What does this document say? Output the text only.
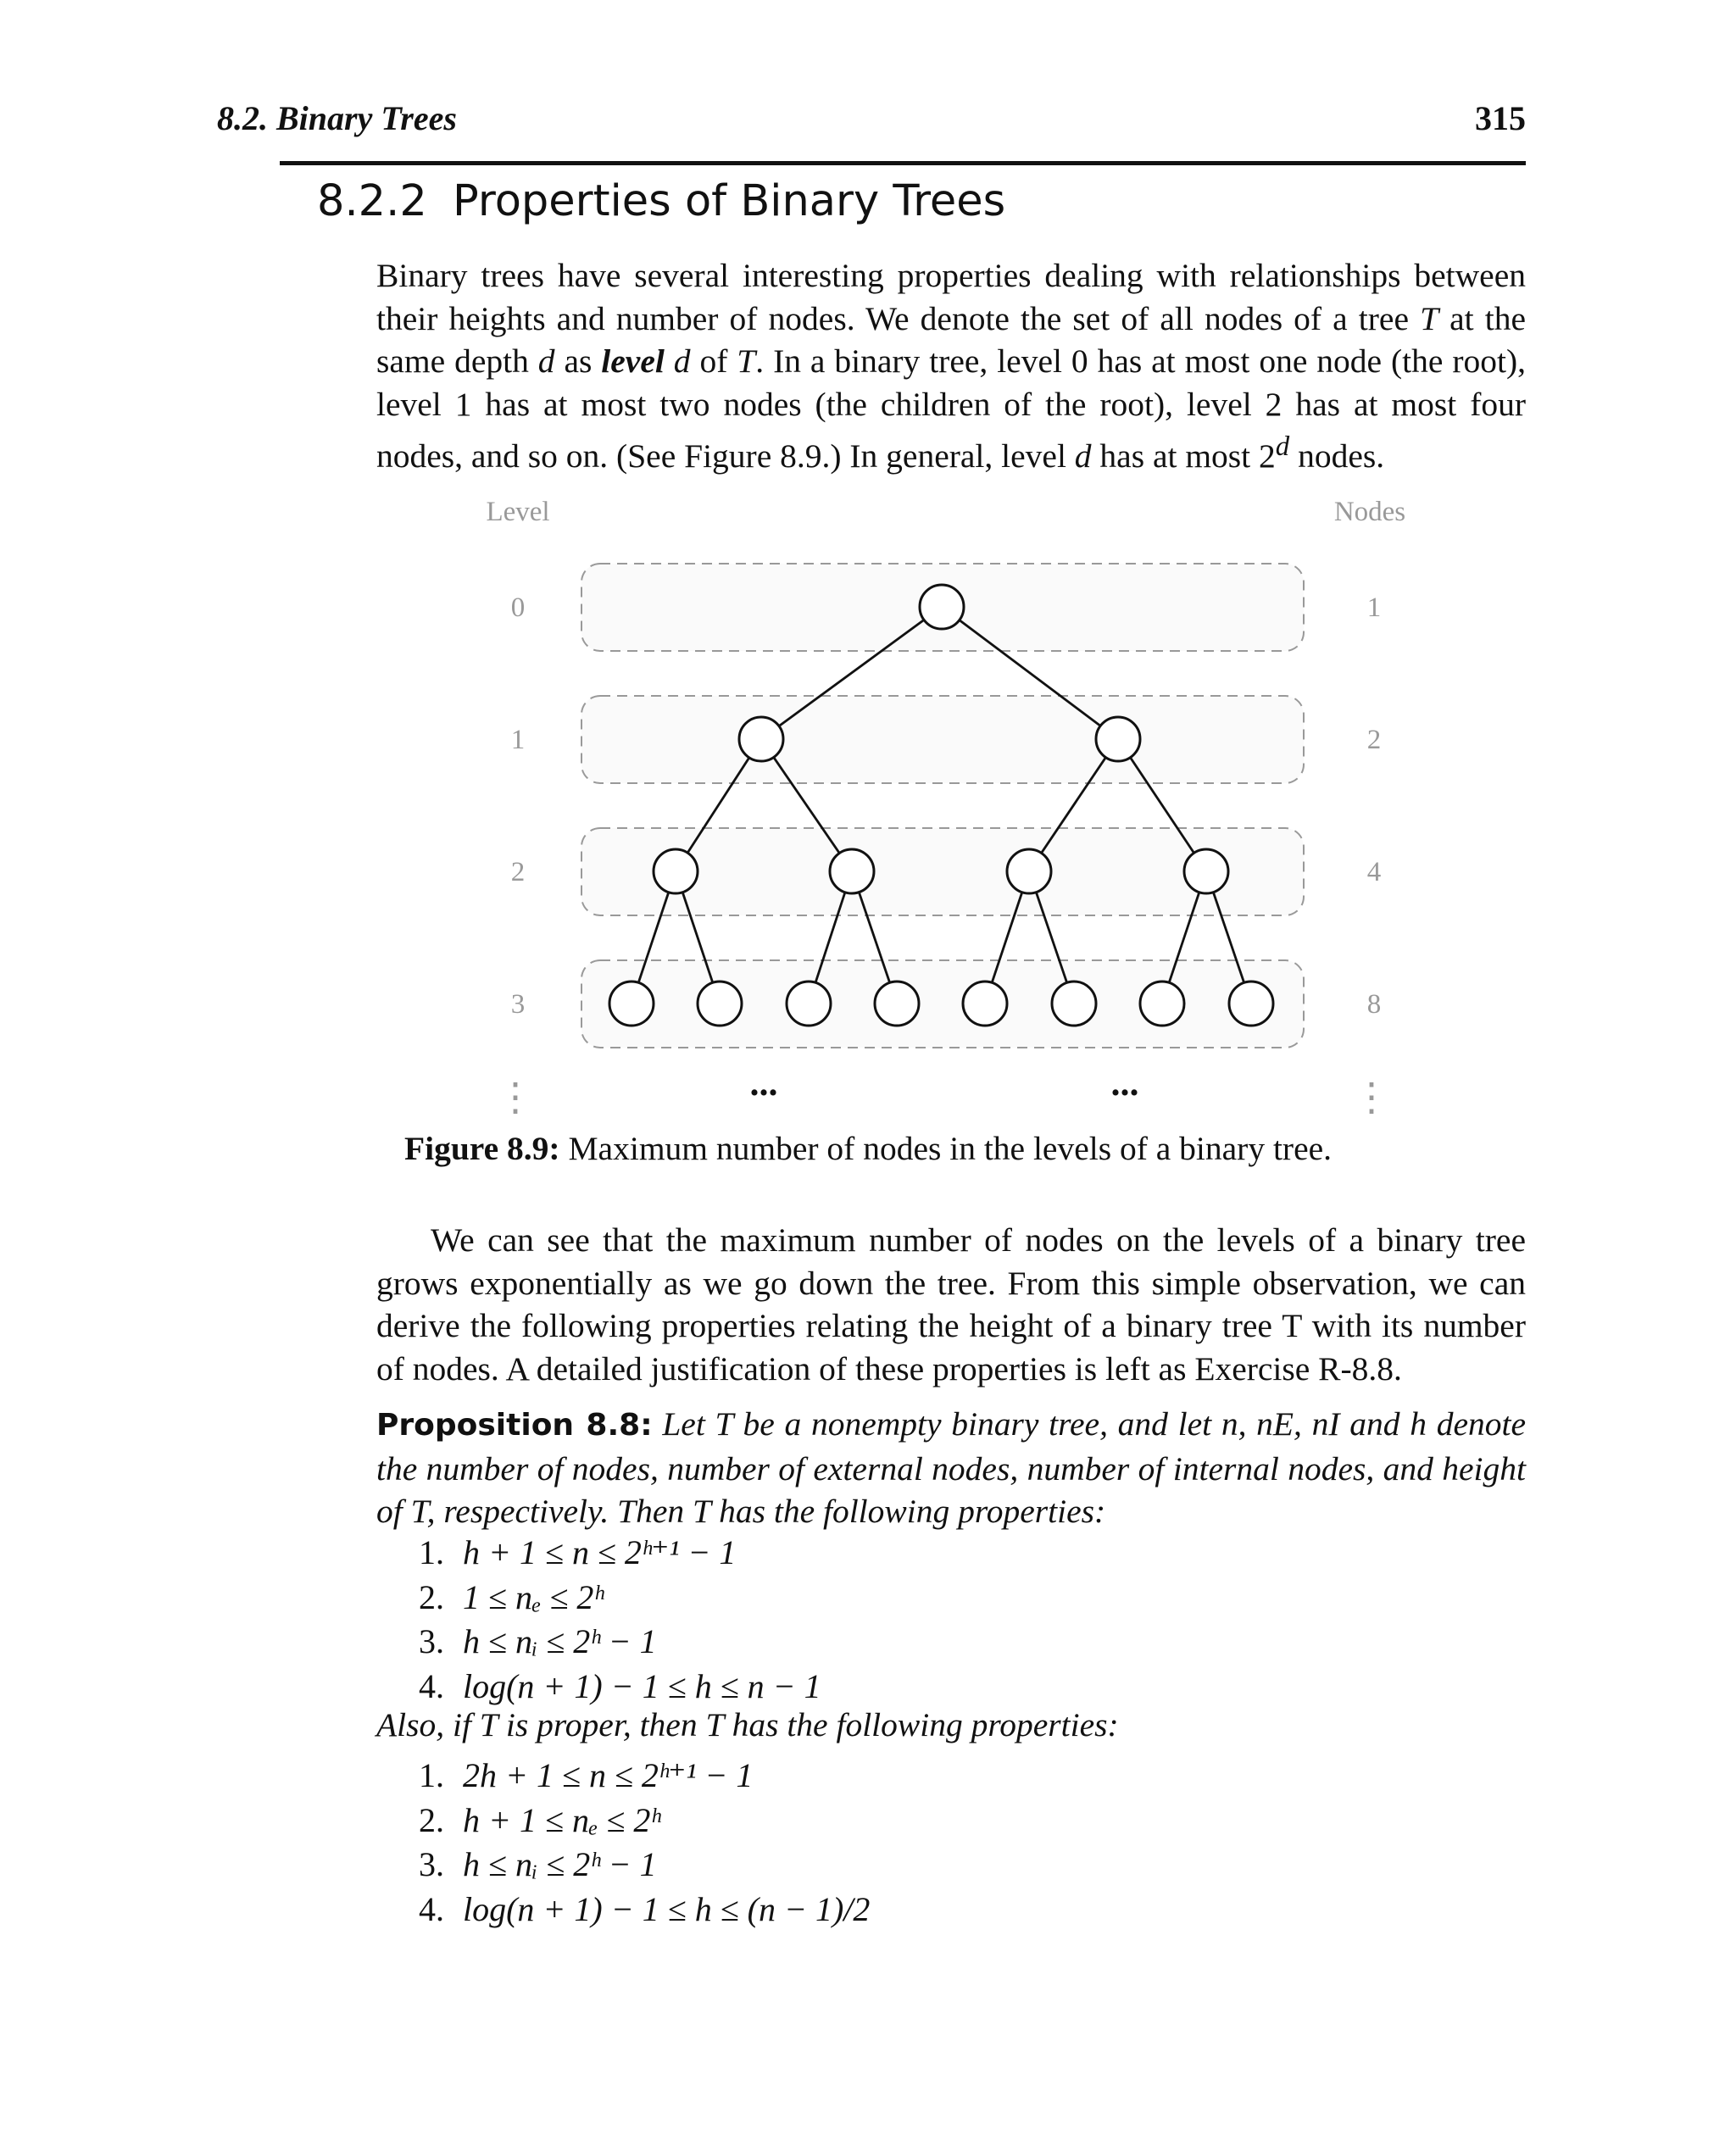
8.2. Binary Trees	315
8.2.2 Properties of Binary Trees

Binary trees have several interesting properties dealing with relationships between their heights and number of nodes. We denote the set of all nodes of a tree T at the same depth d as level d of T. In a binary tree, level 0 has at most one node (the root), level 1 has at most two nodes (the children of the root), level 2 has at most four nodes, and so on. (See Figure 8.9.) In general, level d has at most 2$^d$ nodes.

Level	Nodes
0
1
2
3
1
2
4
8
...	...
⋮	⋮
Figure 8.9: Maximum number of nodes in the levels of a binary tree.

We can see that the maximum number of nodes on the levels of a binary tree grows exponentially as we go down the tree. From this simple observation, we can derive the following properties relating the height of a binary tree T with its number of nodes. A detailed justification of these properties is left as Exercise R-8.8.

Proposition 8.8: Let T be a nonempty binary tree, and let n, nE, nI and h denote the number of nodes, number of external nodes, number of internal nodes, and height of T, respectively. Then T has the following properties:

1. h + 1 ≤ n ≤ 2ʰ⁺¹ − 1
2. 1 ≤ nₑ ≤ 2ʰ
3. h ≤ nᵢ ≤ 2ʰ − 1
4. log(n + 1) − 1 ≤ h ≤ n − 1

Also, if T is proper, then T has the following properties:

1. 2h + 1 ≤ n ≤ 2ʰ⁺¹ − 1
2. h + 1 ≤ nₑ ≤ 2ʰ
3. h ≤ nᵢ ≤ 2ʰ − 1
4. log(n + 1) − 1 ≤ h ≤ (n − 1)/2
